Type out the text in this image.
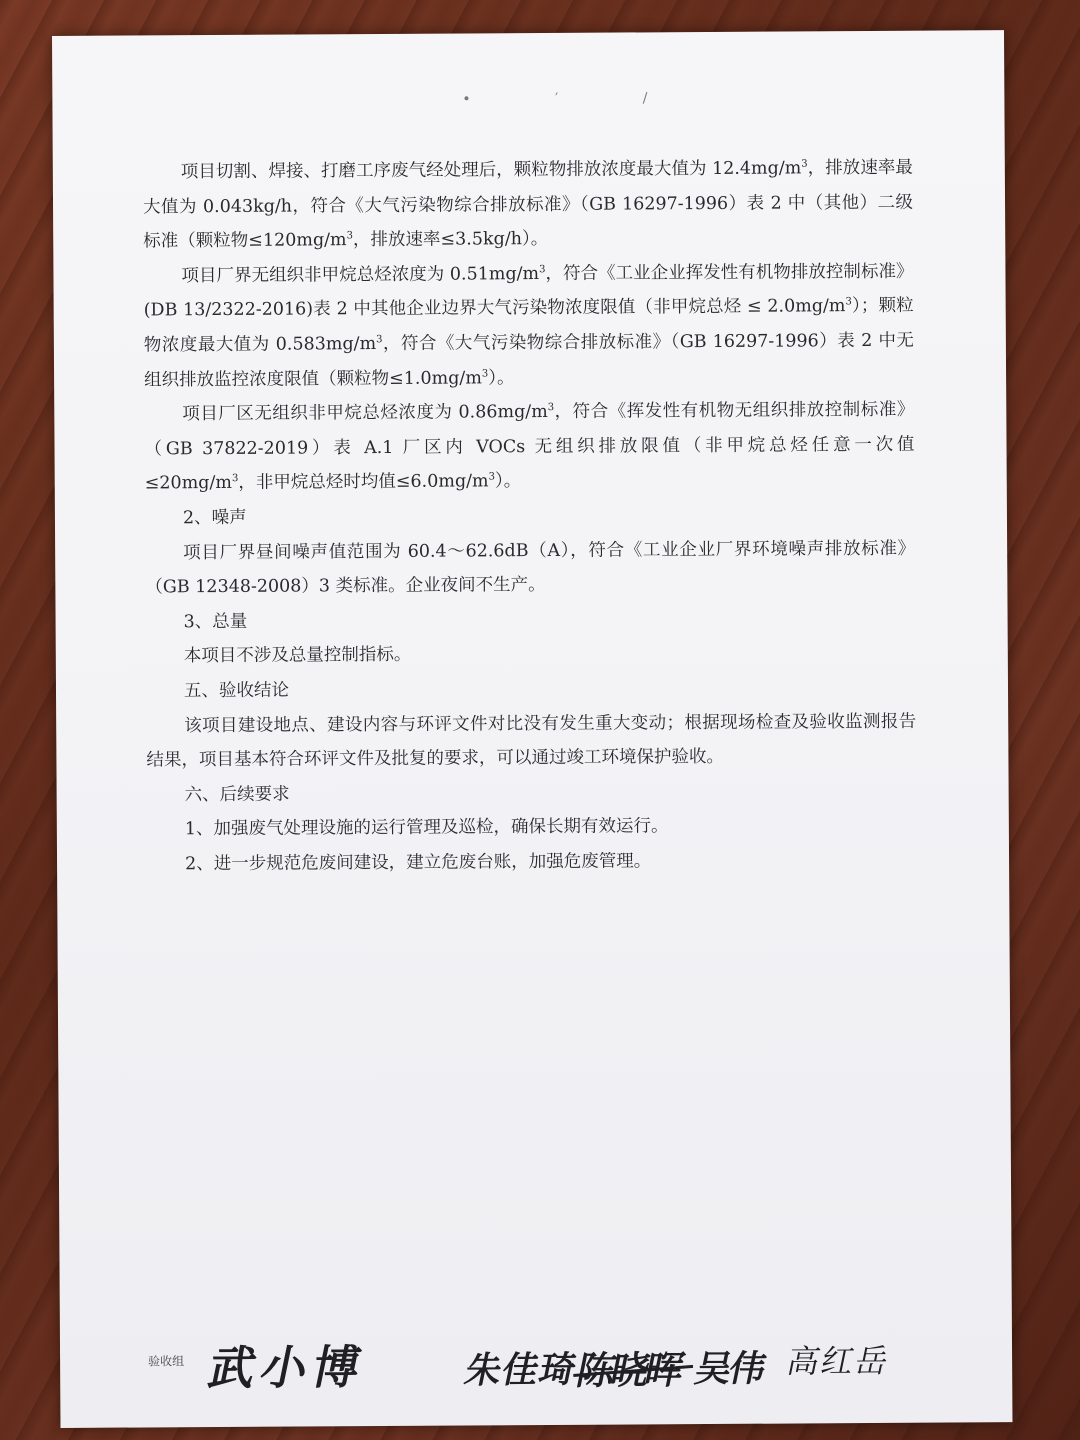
• ′ /

项目切割、焊接、打磨工序废气经处理后，颗粒物排放浓度最大值为 $12.4mg/m^3$，排放速率最大值为 0.043kg/h，符合《大气污染物综合排放标准》（GB 16297-1996）表 2 中（其他）二级标准（颗粒物$\le 120mg/m^3$，排放速率≤3.5kg/h）。

项目厂界无组织非甲烷总烃浓度为 $0.51mg/m^3$，符合《工业企业挥发性有机物排放控制标准》(DB 13/2322-2016)表 2 中其他企业边界大气污染物浓度限值（非甲烷总烃 ≤ $2.0mg/m^3$）；颗粒物浓度最大值为 $0.583mg/m^3$，符合《大气污染物综合排放标准》（GB 16297-1996）表 2 中无组织排放监控浓度限值（颗粒物$\le 1.0mg/m^3$）。

项目厂区无组织非甲烷总烃浓度为 $0.86mg/m^3$，符合《挥发性有机物无组织排放控制标准》（GB 37822-2019）表 A.1 厂区内 VOCs 无组织排放限值（非甲烷总烃任意一次值$\le 20mg/m^3$，非甲烷总烃时均值$\le 6.0mg/m^3$）。

2、噪声

项目厂界昼间噪声值范围为 60.4～62.6dB（A），符合《工业企业厂界环境噪声排放标准》（GB 12348-2008）3 类标准。企业夜间不生产。

3、总量

本项目不涉及总量控制指标。

五、验收结论

该项目建设地点、建设内容与环评文件对比没有发生重大变动；根据现场检查及验收监测报告结果，项目基本符合环评文件及批复的要求，可以通过竣工环境保护验收。

六、后续要求

1、加强废气处理设施的运行管理及巡检，确保长期有效运行。

2、进一步规范危废间建设，建立危废台账，加强危废管理。

验收组 武小博	朱佳琦
陈晓晖 吴伟 高红岳
